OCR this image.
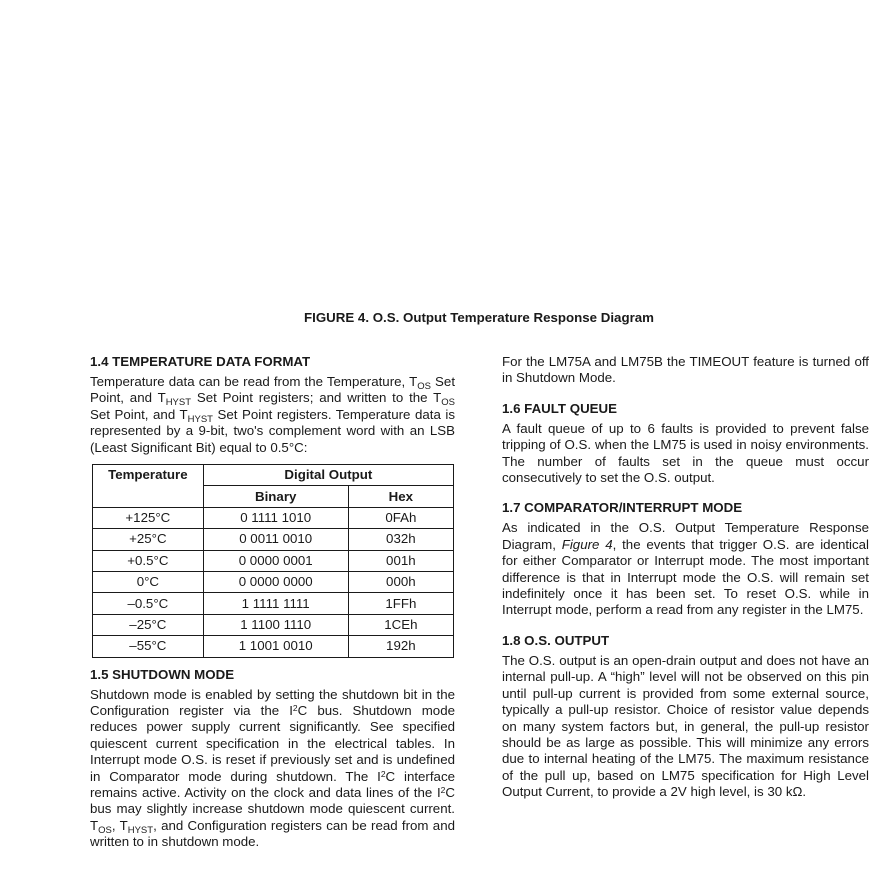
FIGURE 4. O.S. Output Temperature Response Diagram
1.4 TEMPERATURE DATA FORMAT

Temperature data can be read from the Temperature, $T_{OS}$ Set Point, and $T_{HYST}$ Set Point registers; and written to the $T_{OS}$ Set Point, and $T_{HYST}$ Set Point registers. Temperature data is represented by a 9-bit, two's complement word with an LSB (Least Significant Bit) equal to 0.5°C:

Temperature	Digital Output	
	Binary	Hex
+125°C	0 1111 1010	0FAh
+25°C	0 0011 0010	032h
+0.5°C	0 0000 0001	001h
0°C	0 0000 0000	000h
–0.5°C	1 1111 1111	1FFh
–25°C	1 1100 1110	1CEh
–55°C	1 1001 0010	192h
1.5 SHUTDOWN MODE

Shutdown mode is enabled by setting the shutdown bit in the Configuration register via the $I^2C$ bus. Shutdown mode reduces power supply current significantly. See specified quiescent current specification in the electrical tables. In Interrupt mode O.S. is reset if previously set and is undefined in Comparator mode during shutdown. The $I^2C$ interface remains active. Activity on the clock and data lines of the $I^2C$ bus may slightly increase shutdown mode quiescent current. $T_{OS}$, $T_{HYST}$, and Configuration registers can be read from and written to in shutdown mode.

For the LM75A and LM75B the TIMEOUT feature is turned off in Shutdown Mode.

1.6 FAULT QUEUE

A fault queue of up to 6 faults is provided to prevent false tripping of O.S. when the LM75 is used in noisy environments. The number of faults set in the queue must occur consecutively to set the O.S. output.

1.7 COMPARATOR/INTERRUPT MODE

As indicated in the O.S. Output Temperature Response Diagram, Figure 4, the events that trigger O.S. are identical for either Comparator or Interrupt mode. The most important difference is that in Interrupt mode the O.S. will remain set indefinitely once it has been set. To reset O.S. while in Interrupt mode, perform a read from any register in the LM75.

1.8 O.S. OUTPUT

The O.S. output is an open-drain output and does not have an internal pull-up. A “high” level will not be observed on this pin until pull-up current is provided from some external source, typically a pull-up resistor. Choice of resistor value depends on many system factors but, in general, the pull-up resistor should be as large as possible. This will minimize any errors due to internal heating of the LM75. The maximum resistance of the pull up, based on LM75 specification for High Level Output Current, to provide a 2V high level, is 30 kΩ.
